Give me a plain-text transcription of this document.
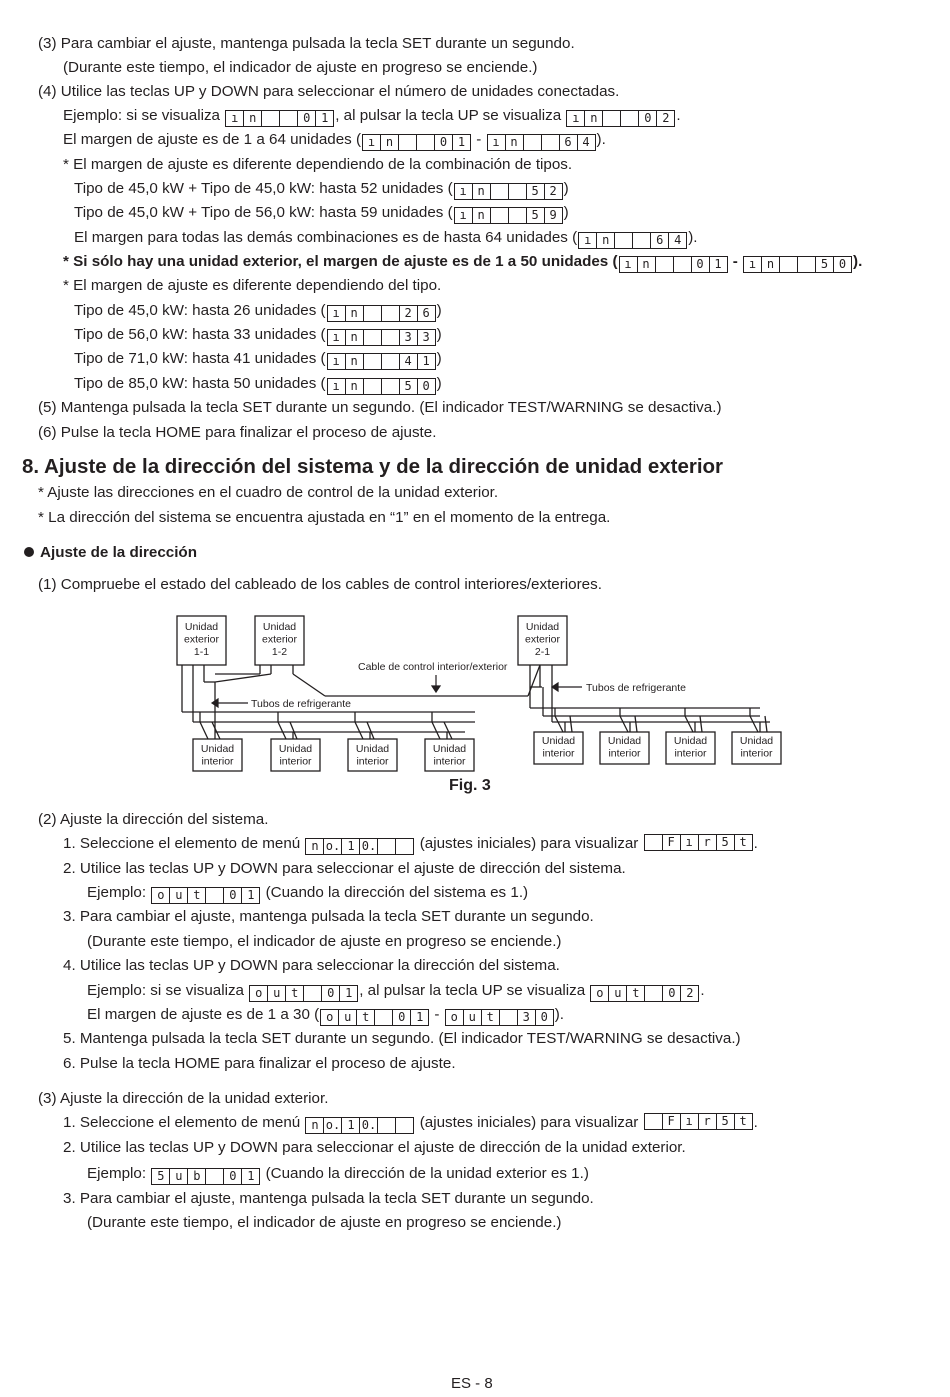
(3) Para cambiar el ajuste, mantenga pulsada la tecla SET durante un segundo.
(Durante este tiempo, el indicador de ajuste en progreso se enciende.)
(4) Utilice las teclas UP y DOWN para seleccionar el número de unidades conectadas.
Ejemplo: si se visualiza ı n	0 1 , al pulsar la tecla UP se visualiza ı n	0 2 .
El margen de ajuste es de 1 a 64 unidades ( ı n	0 1 - ı n	6 4 ).
* El margen de ajuste es diferente dependiendo de la combinación de tipos.
Tipo de 45,0 kW + Tipo de 45,0 kW: hasta 52 unidades ( ı n	5 2 )
Tipo de 45,0 kW + Tipo de 56,0 kW: hasta 59 unidades ( ı n	5 9 )
El margen para todas las demás combinaciones es de hasta 64 unidades ( ı n	6 4 ).
* Si sólo hay una unidad exterior, el margen de ajuste es de 1 a 50 unidades ( ı n	0 1 - ı n	5 0 ).
* El margen de ajuste es diferente dependiendo del tipo.
Tipo de 45,0 kW: hasta 26 unidades ( ı n	2 6 )
Tipo de 56,0 kW: hasta 33 unidades ( ı n	3 3 )
Tipo de 71,0 kW: hasta 41 unidades ( ı n	4 1 )
Tipo de 85,0 kW: hasta 50 unidades ( ı n	5 0 )
(5) Mantenga pulsada la tecla SET durante un segundo. (El indicador TEST/WARNING se desactiva.)
(6) Pulse la tecla HOME para finalizar el proceso de ajuste.
8. Ajuste de la dirección del sistema y de la dirección de unidad exterior
* Ajuste las direcciones en el cuadro de control de la unidad exterior.
* La dirección del sistema se encuentra ajustada en “1” en el momento de la entrega.
Ajuste de la dirección
(1) Compruebe el estado del cableado de los cables de control interiores/exteriores.
Unidad exterior 1-1
Unidad exterior 1-2
Unidad exterior 2-1
Unidad interior
Unidad interior
Unidad interior
Unidad interior
Unidad interior
Unidad interior
Unidad interior
Unidad interior
Cable de control interior/exterior
Tubos de refrigerante
Tubos de refrigerante
Fig. 3
(2) Ajuste la dirección del sistema.
1. Seleccione el elemento de menú n o. 1 0.	(ajustes iniciales) para visualizar	F ı r 5 t .
2. Utilice las teclas UP y DOWN para seleccionar el ajuste de dirección del sistema.
Ejemplo: o u t	0 1 (Cuando la dirección del sistema es 1.)
3. Para cambiar el ajuste, mantenga pulsada la tecla SET durante un segundo.
(Durante este tiempo, el indicador de ajuste en progreso se enciende.)
4. Utilice las teclas UP y DOWN para seleccionar la dirección del sistema.
Ejemplo: si se visualiza o u t	0 1 , al pulsar la tecla UP se visualiza o u t	0 2 .
El margen de ajuste es de 1 a 30 ( o u t	0 1 - o u t	3 0 ).
5. Mantenga pulsada la tecla SET durante un segundo. (El indicador TEST/WARNING se desactiva.)
6. Pulse la tecla HOME para finalizar el proceso de ajuste.
(3) Ajuste la dirección de la unidad exterior.
1. Seleccione el elemento de menú n o. 1 0.	(ajustes iniciales) para visualizar	F ı r 5 t .
2. Utilice las teclas UP y DOWN para seleccionar el ajuste de dirección de la unidad exterior.
Ejemplo: 5 u b	0 1 (Cuando la dirección de la unidad exterior es 1.)
3. Para cambiar el ajuste, mantenga pulsada la tecla SET durante un segundo.
(Durante este tiempo, el indicador de ajuste en progreso se enciende.)
ES - 8
